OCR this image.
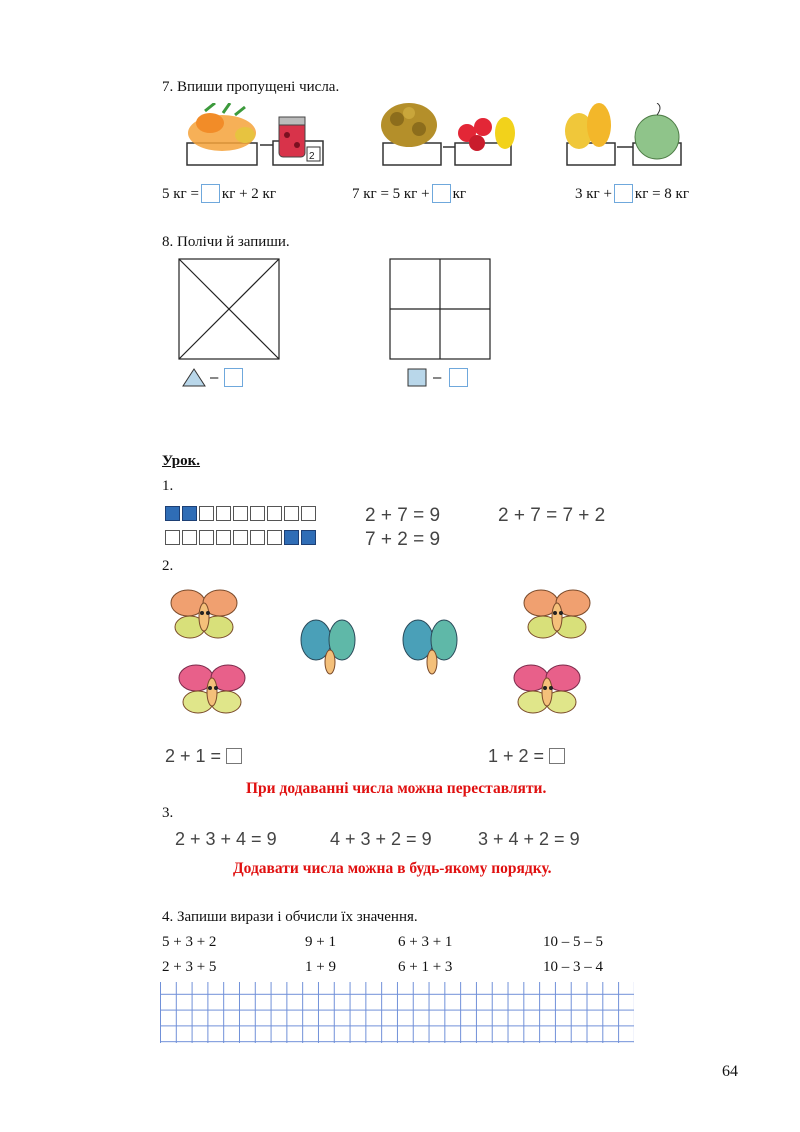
7. Впиши пропущені числа.
2
5 кг = кг + 2 кг	7 кг = 5 кг + кг	3 кг + кг = 8 кг
8. Полічи й запиши.
–	–
Урок.
1.
2 + 7 = 9	2 + 7 = 7 + 2
7 + 2 = 9
2.
2 + 1 =	1 + 2 =
При додаванні числа можна переставляти.
3.
2 + 3 + 4 = 9	4 + 3 + 2 = 9	3 + 4 + 2 = 9
Додавати числа можна в будь-якому порядку.
4. Запиши вирази і обчисли їх значення.
5 + 3 + 2	9 + 1	6 + 3 + 1	10 – 5 – 5
2 + 3 + 5	1 + 9	6 + 1 + 3	10 – 3 – 4
64
